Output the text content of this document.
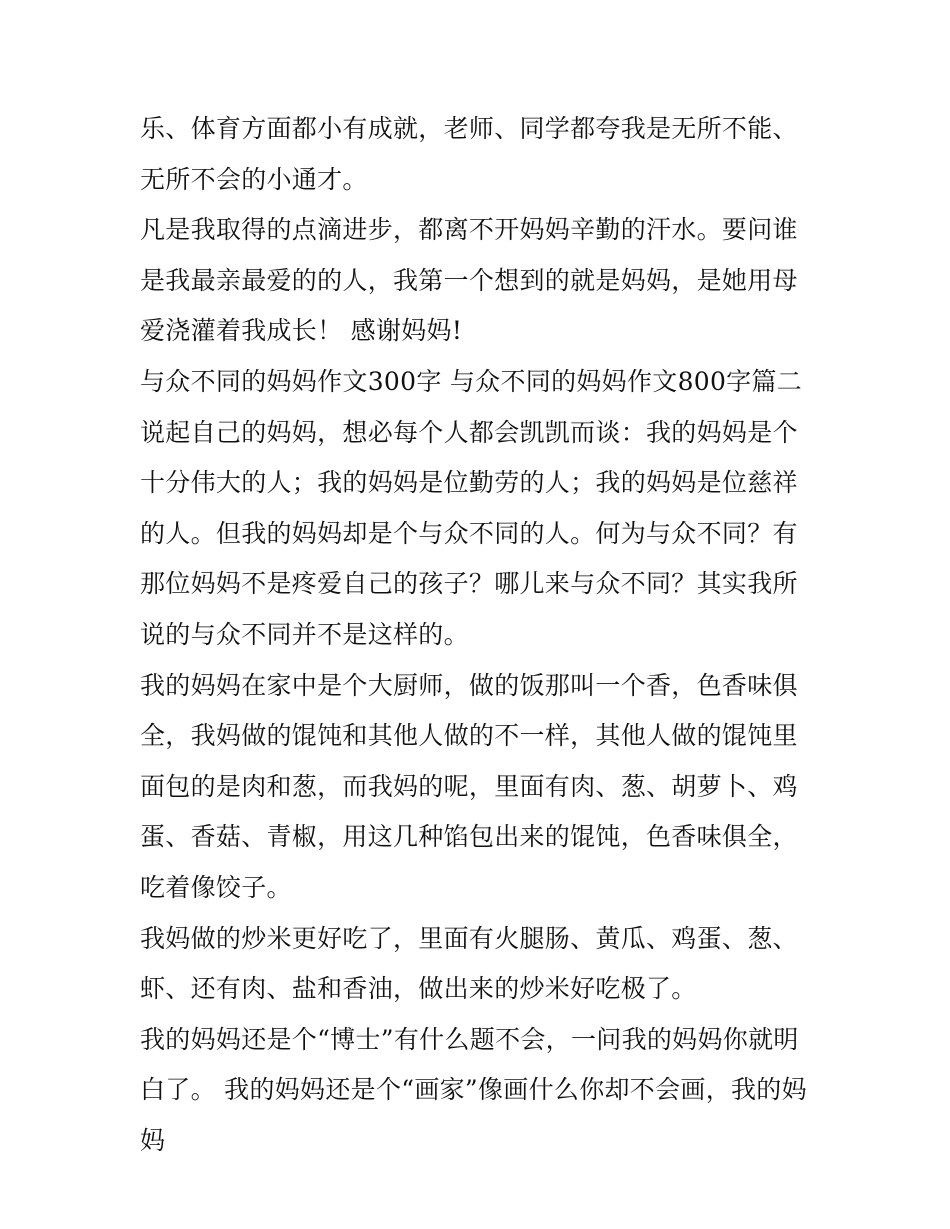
乐、体育方面都小有成就，老师、同学都夸我是无所不能、无所不会的小通才。

凡是我取得的点滴进步，都离不开妈妈辛勤的汗水。要问谁是我最亲最爱的的人，我第一个想到的就是妈妈，是她用母爱浇灌着我成长！ 感谢妈妈!

与众不同的妈妈作文300字 与众不同的妈妈作文800字篇二

说起自己的妈妈，想必每个人都会凯凯而谈：我的妈妈是个十分伟大的人；我的妈妈是位勤劳的人；我的妈妈是位慈祥的人。但我的妈妈却是个与众不同的人。何为与众不同？有那位妈妈不是疼爱自己的孩子？哪儿来与众不同？其实我所说的与众不同并不是这样的。

我的妈妈在家中是个大厨师，做的饭那叫一个香，色香味俱全，我妈做的馄饨和其他人做的不一样，其他人做的馄饨里面包的是肉和葱，而我妈的呢，里面有肉、葱、胡萝卜、鸡蛋、香菇、青椒，用这几种馅包出来的馄饨，色香味俱全，吃着像饺子。

我妈做的炒米更好吃了，里面有火腿肠、黄瓜、鸡蛋、葱、虾、还有肉、盐和香油，做出来的炒米好吃极了。

我的妈妈还是个“博士”有什么题不会，一问我的妈妈你就明白了。 我的妈妈还是个“画家”像画什么你却不会画，我的妈妈
